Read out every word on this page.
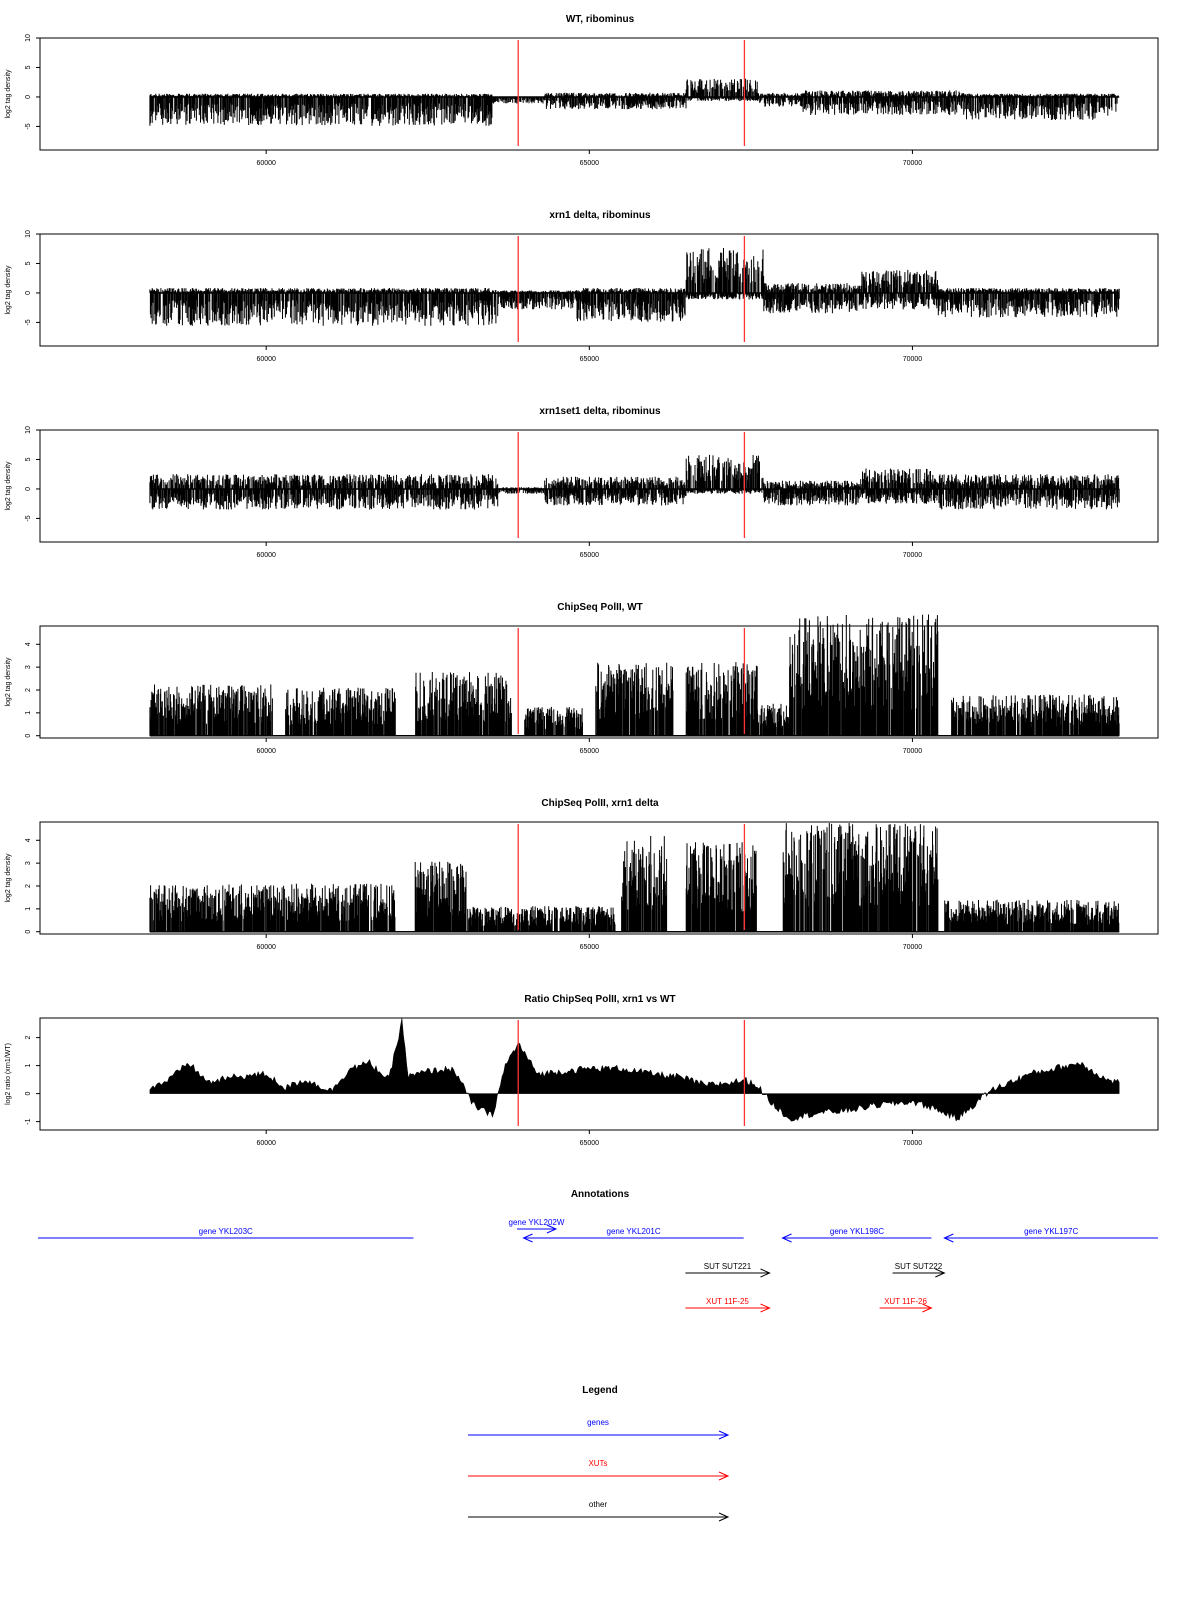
WT, ribominus
log2 tag density
-5
0
5
10
60000	65000	70000
xrn1 delta, ribominus
log2 tag density
-5
0
5
10
60000	65000	70000
xrn1set1 delta, ribominus
log2 tag density
-5
0
5
10
60000	65000	70000
ChipSeq PolII, WT
log2 tag density
0
1
2
3
4
60000	65000	70000
ChipSeq PolII, xrn1 delta
log2 tag density
0
1
2
3
4
60000	65000	70000
Ratio ChipSeq PolII, xrn1 vs WT
log2 ratio (xrn1/WT)
-1
0
1
2
60000	65000	70000
Annotations
gene YKL203C
gene YKL202W
gene YKL201C	gene YKL198C	gene YKL197C
SUT SUT221	SUT SUT222
XUT 11F-25	XUT 11F-26
Legend
genes
XUTs
other
